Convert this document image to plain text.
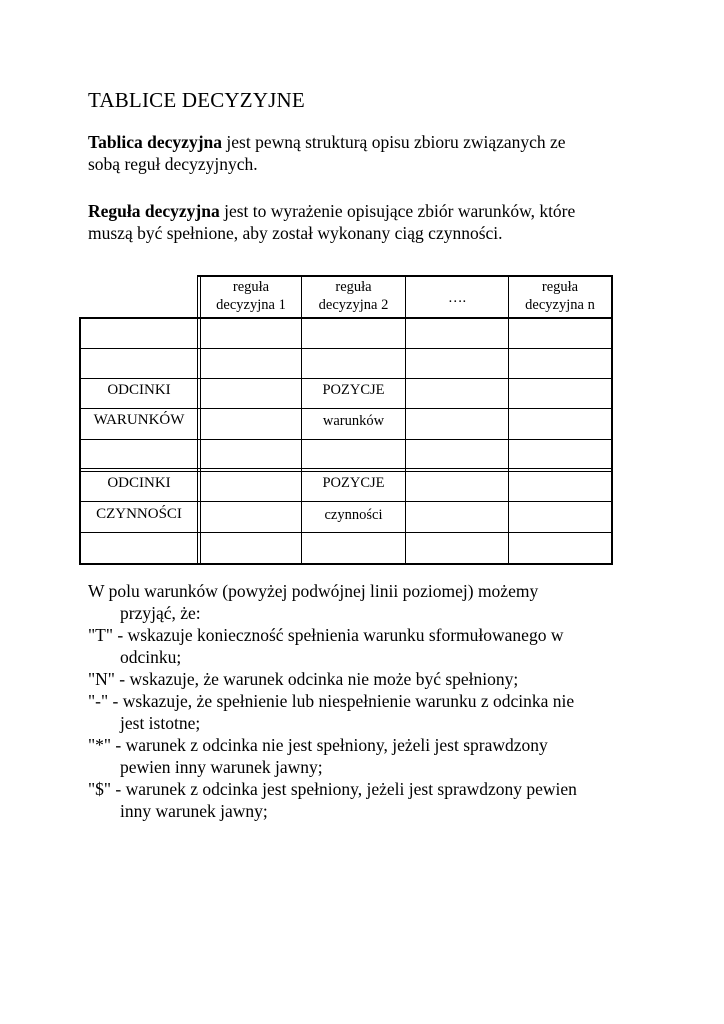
TABLICE DECYZYJNE
Tablica decyzyjna jest pewną strukturą opisu zbioru związanych ze
sobą reguł decyzyjnych.
Reguła decyzyjna jest to wyrażenie opisujące zbiór warunków, które
muszą być spełnione, aby został wykonany ciąg czynności.
reguła
decyzyjna 1
reguła
decyzyjna 2	….
reguła
decyzyjna n
ODCINKI
WARUNKÓW
POZYCJE
warunków
ODCINKI
CZYNNOŚCI
POZYCJE
czynności
W polu warunków (powyżej podwójnej linii poziomej) możemy
przyjąć, że:
"T" - wskazuje konieczność spełnienia warunku sformułowanego w
odcinku;
"N" - wskazuje, że warunek odcinka nie może być spełniony;
"-" - wskazuje, że spełnienie lub niespełnienie warunku z odcinka nie
jest istotne;
"*" - warunek z odcinka nie jest spełniony, jeżeli jest sprawdzony
pewien inny warunek jawny;
"$" - warunek z odcinka jest spełniony, jeżeli jest sprawdzony pewien
inny warunek jawny;
